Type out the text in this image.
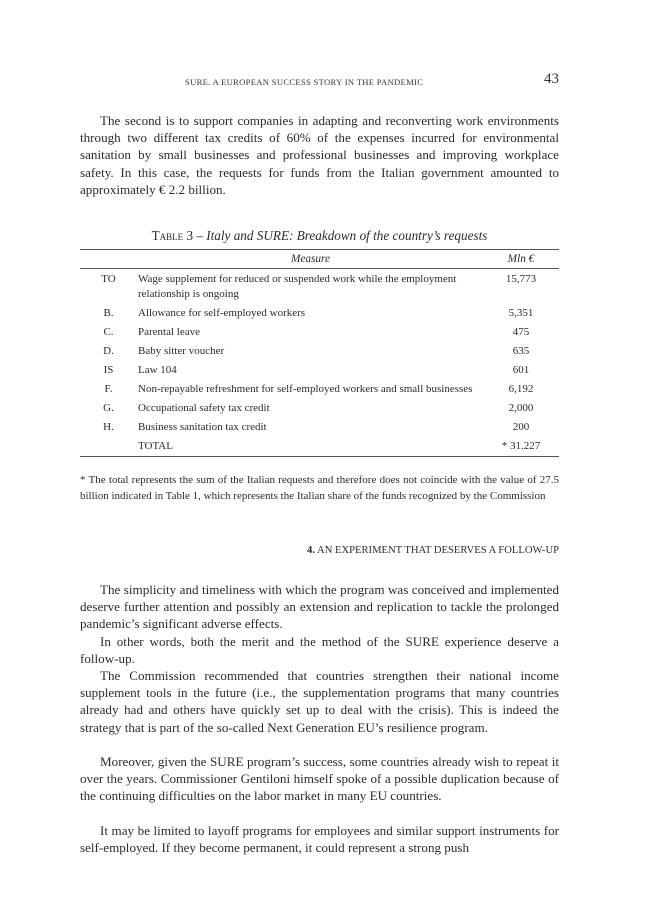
SURE. A EUROPEAN SUCCESS STORY IN THE PANDEMIC	43

The second is to support companies in adapting and reconverting work environments through two different tax credits of 60% of the expenses incurred for environmental sanitation by small businesses and professional businesses and improving workplace safety. In this case, the requests for funds from the Italian government amounted to approximately € 2.2 billion.

Table 3 – Italy and SURE: Breakdown of the country’s requests
	Measure	Mln €
TO	Wage supplement for reduced or suspended work while the employment relationship is ongoing	15,773
B.	Allowance for self-employed workers	5,351
C.	Parental leave	475
D.	Baby sitter voucher	635
IS	Law 104	601
F.	Non-repayable refreshment for self-employed workers and small businesses	6,192
G.	Occupational safety tax credit	2,000
H.	Business sanitation tax credit	200
	TOTAL	* 31.227

* The total represents the sum of the Italian requests and therefore does not coincide with the value of 27.5 billion indicated in Table 1, which represents the Italian share of the funds recognized by the Commission

4. AN EXPERIMENT THAT DESERVES A FOLLOW-UP

The simplicity and timeliness with which the program was conceived and implemented deserve further attention and possibly an extension and replication to tackle the prolonged pandemic’s significant adverse effects.

In other words, both the merit and the method of the SURE experience deserve a follow-up.

The Commission recommended that countries strengthen their national income supplement tools in the future (i.e., the supplementation programs that many countries already had and others have quickly set up to deal with the crisis). This is indeed the strategy that is part of the so-called Next Generation EU’s resilience program.

Moreover, given the SURE program’s success, some countries already wish to repeat it over the years. Commissioner Gentiloni himself spoke of a possible duplication because of the continuing difficulties on the labor market in many EU countries.

It may be limited to layoff programs for employees and similar support instruments for self-employed. If they become permanent, it could represent a strong push
